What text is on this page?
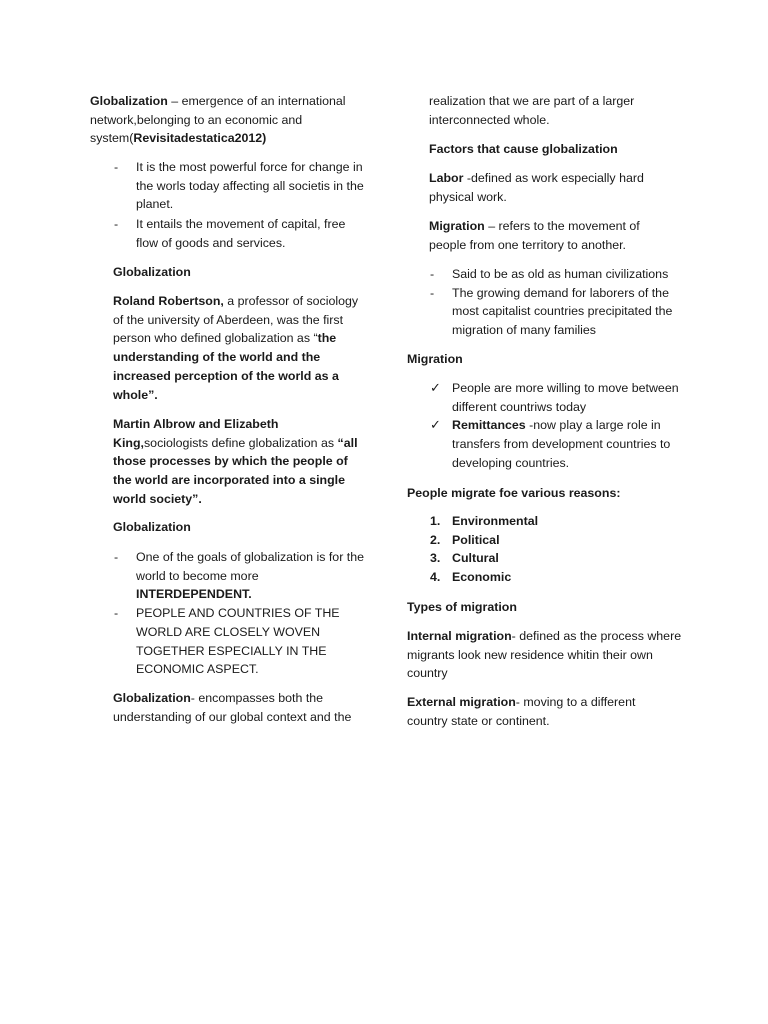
Globalization – emergence of an international network,belonging to an economic and system(Revisitadestatica2012)

- It is the most powerful force for change in the worls today affecting all societis in the planet.
- It entails the movement of capital, free flow of goods and services.

Globalization

Roland Robertson, a professor of sociology of the university of Aberdeen, was the first person who defined globalization as “the understanding of the world and the increased perception of the world as a whole”.

Martin Albrow and Elizabeth King,sociologists define globalization as “all those processes by which the people of the world are incorporated into a single world society”.

Globalization

- One of the goals of globalization is for the world to become more INTERDEPENDENT.
- PEOPLE AND COUNTRIES OF THE WORLD ARE CLOSELY WOVEN TOGETHER ESPECIALLY IN THE ECONOMIC ASPECT.

Globalization- encompasses both the understanding of our global context and the

realization that we are part of a larger interconnected whole.

Factors that cause globalization

Labor -defined as work especially hard physical work.

Migration – refers to the movement of people from one territory to another.

- Said to be as old as human civilizations
- The growing demand for laborers of the most capitalist countries precipitated the migration of many families

Migration

✓ People are more willing to move between different countriws today
✓ Remittances -now play a large role in transfers from development countries to developing countries.

People migrate foe various reasons:

1. Environmental
2. Political
3. Cultural
4. Economic

Types of migration

Internal migration- defined as the process where migrants look new residence whitin their own country

External migration- moving to a different country state or continent.
